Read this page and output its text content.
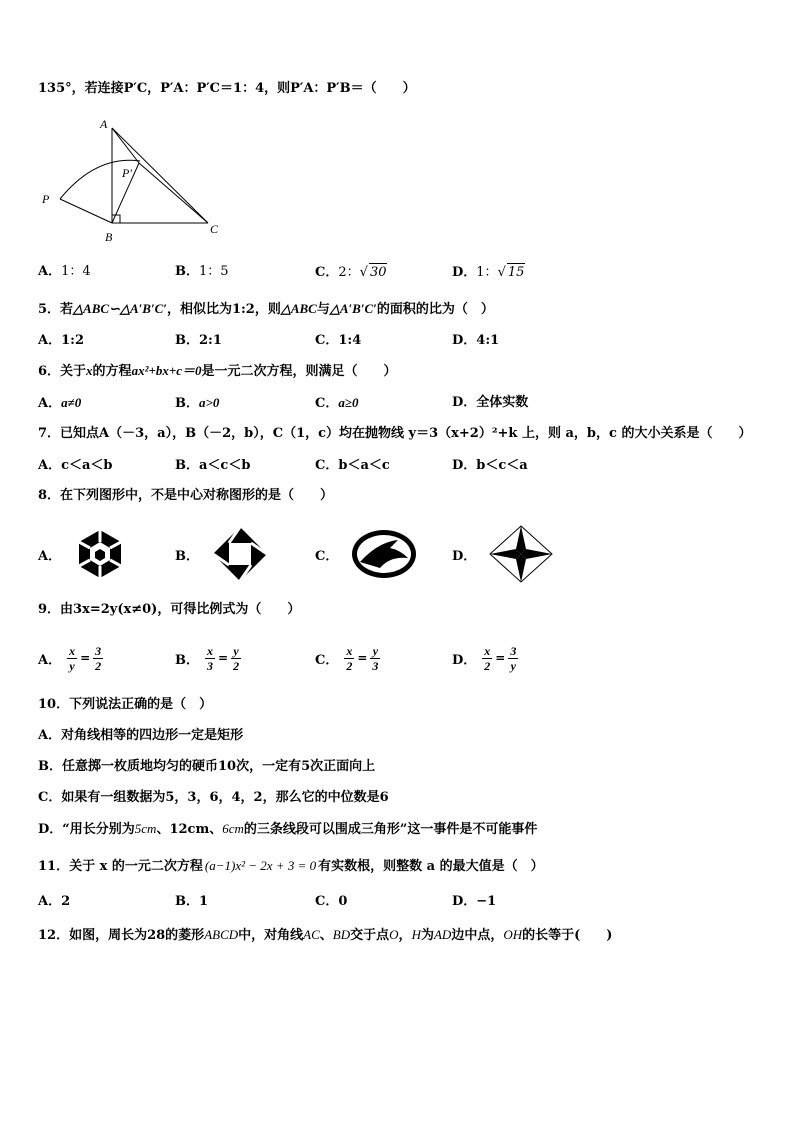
135°，若连接P′C，P′A：P′C＝1：4，则P′A：P′B＝（　　）
A
P′
P
B
C
A．1：4	B．1：5	C．2：√ 30	D．1：√ 15
5．若△ABC∽△A′B′C′，相似比为1:2，则△ABC与△A′B′C′的面积的比为（　）
A．1:2	B．2:1	C．1:4	D．4:1
6．关于x的方程ax²+bx+c＝0是一元二次方程，则满足（　　）
A．a≠0	B．a>0	C．a≥0	D．全体实数
7．已知点A（－3，a），B（－2，b），C（1，c）均在抛物线 y＝3（x+2）²+k 上，则 a，b，c 的大小关系是（　　）
A．c＜a＜b	B．a＜c＜b	C．b＜a＜c	D．b＜c＜a
8．在下列图形中，不是中心对称图形的是（　　）
A．	B．	C．	D．
9．由3x=2y(x≠0)，可得比例式为（　　）
A． $\frac{x}{y} = \frac{3}{2}$	B． $\frac{x}{3} = \frac{y}{2}$	C． $\frac{x}{2} = \frac{y}{3}$	D． $\frac{x}{2} = \frac{3}{y}$
10．下列说法正确的是（　）
A．对角线相等的四边形一定是矩形
B．任意掷一枚质地均匀的硬币10次，一定有5次正面向上
C．如果有一组数据为5，3，6，4，2，那么它的中位数是6
D．“用长分别为5cm、12cm、6cm的三条线段可以围成三角形”这一事件是不可能事件
11．关于 x 的一元二次方程 (a−1)x² − 2x + 3 = 0 有实数根，则整数 a 的最大值是（　）
A．2	B．1	C．0	D．−1
12．如图，周长为28的菱形ABCD中，对角线AC、BD交于点O，H为AD边中点，OH的长等于(　　)
